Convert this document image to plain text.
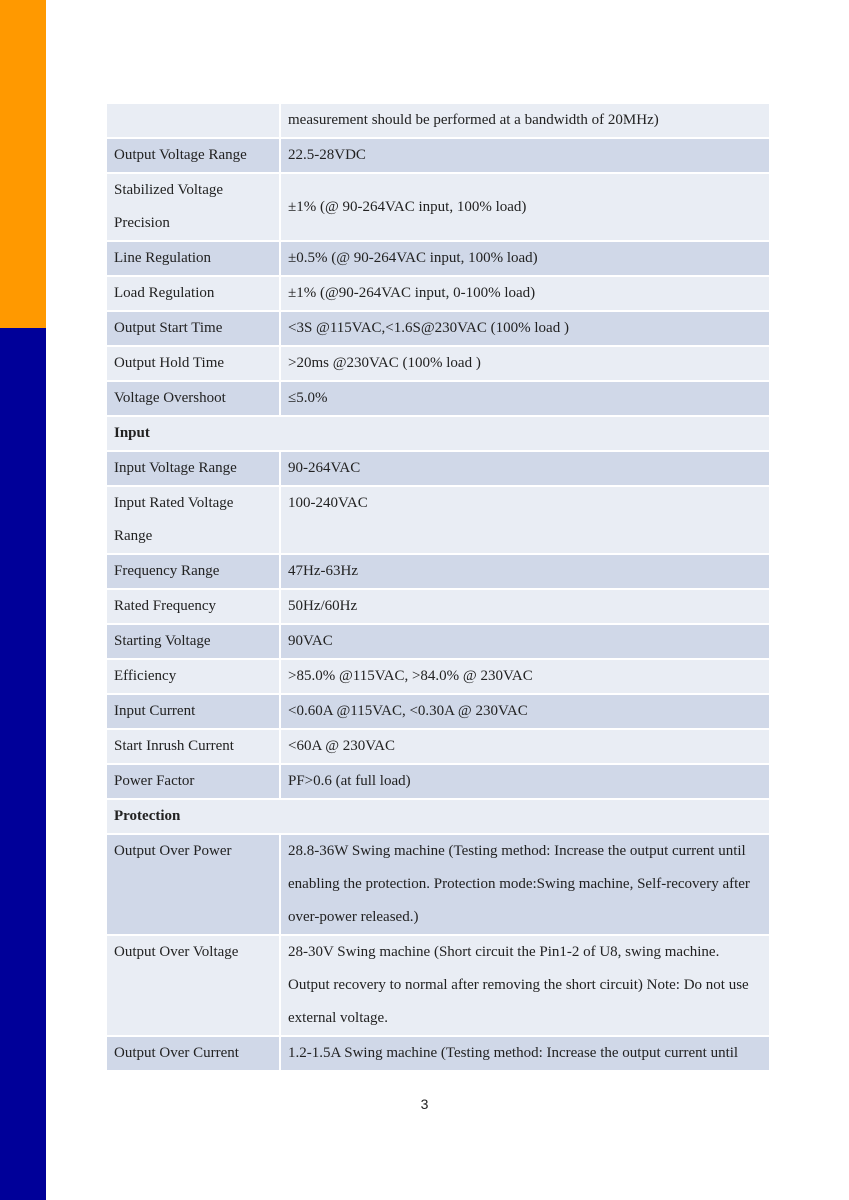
	measurement should be performed at a bandwidth of 20MHz)
Output Voltage Range	22.5-28VDC
Stabilized Voltage Precision	±1% (@ 90-264VAC input, 100% load)
Line Regulation	±0.5% (@ 90-264VAC input, 100% load)
Load Regulation	±1% (@90-264VAC input, 0-100% load)
Output Start Time	<3S @115VAC,<1.6S@230VAC (100% load )
Output Hold Time	>20ms @230VAC (100% load )
Voltage Overshoot	≤5.0%
Input	
Input Voltage Range	90-264VAC
Input Rated Voltage Range	100-240VAC
Frequency Range	47Hz-63Hz
Rated Frequency	50Hz/60Hz
Starting Voltage	90VAC
Efficiency	>85.0% @115VAC, >84.0% @ 230VAC
Input Current	<0.60A @115VAC, <0.30A @ 230VAC
Start Inrush Current	<60A @ 230VAC
Power Factor	PF>0.6 (at full load)
Protection	
Output Over Power	28.8-36W Swing machine (Testing method: Increase the output current until enabling the protection. Protection mode:Swing machine, Self-recovery after over-power released.)
Output Over Voltage	28-30V Swing machine (Short circuit the Pin1-2 of U8, swing machine. Output recovery to normal after removing the short circuit) Note: Do not use external voltage.
Output Over Current	1.2-1.5A Swing machine (Testing method: Increase the output current until
3
